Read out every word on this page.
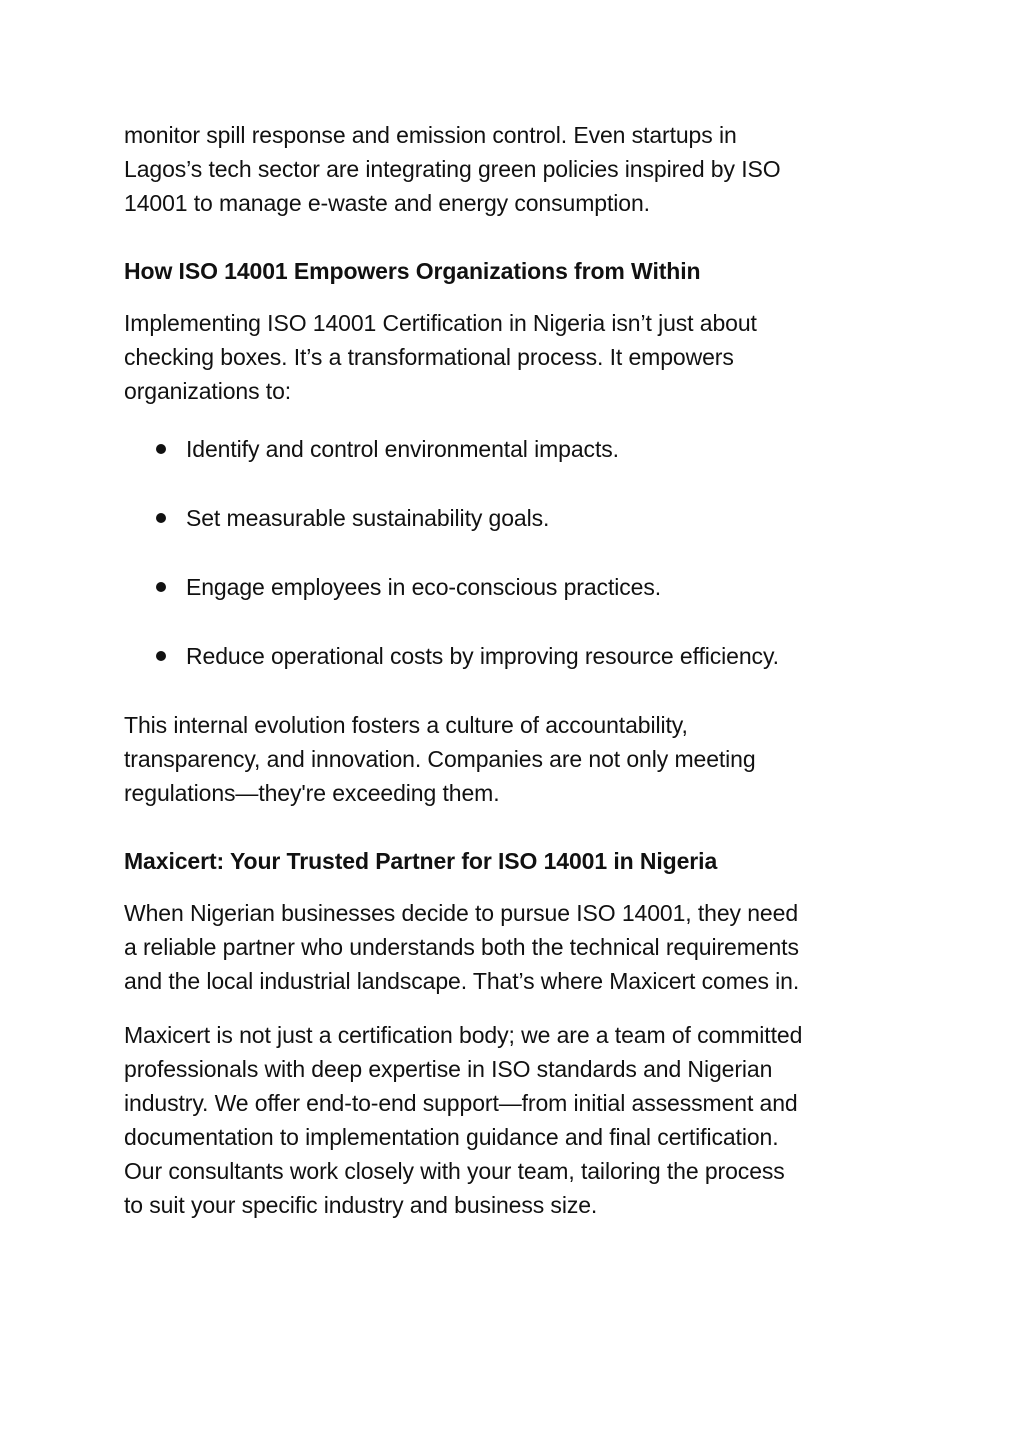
monitor spill response and emission control. Even startups in

Lagos’s tech sector are integrating green policies inspired by ISO

14001 to manage e-waste and energy consumption.

How ISO 14001 Empowers Organizations from Within

Implementing ISO 14001 Certification in Nigeria isn’t just about

checking boxes. It’s a transformational process. It empowers

organizations to:

Identify and control environmental impacts.
Set measurable sustainability goals.
Engage employees in eco-conscious practices.
Reduce operational costs by improving resource efficiency.

This internal evolution fosters a culture of accountability,

transparency, and innovation. Companies are not only meeting

regulations—they're exceeding them.

Maxicert: Your Trusted Partner for ISO 14001 in Nigeria

When Nigerian businesses decide to pursue ISO 14001, they need

a reliable partner who understands both the technical requirements

and the local industrial landscape. That’s where Maxicert comes in.

Maxicert is not just a certification body; we are a team of committed

professionals with deep expertise in ISO standards and Nigerian

industry. We offer end-to-end support—from initial assessment and

documentation to implementation guidance and final certification.

Our consultants work closely with your team, tailoring the process

to suit your specific industry and business size.
